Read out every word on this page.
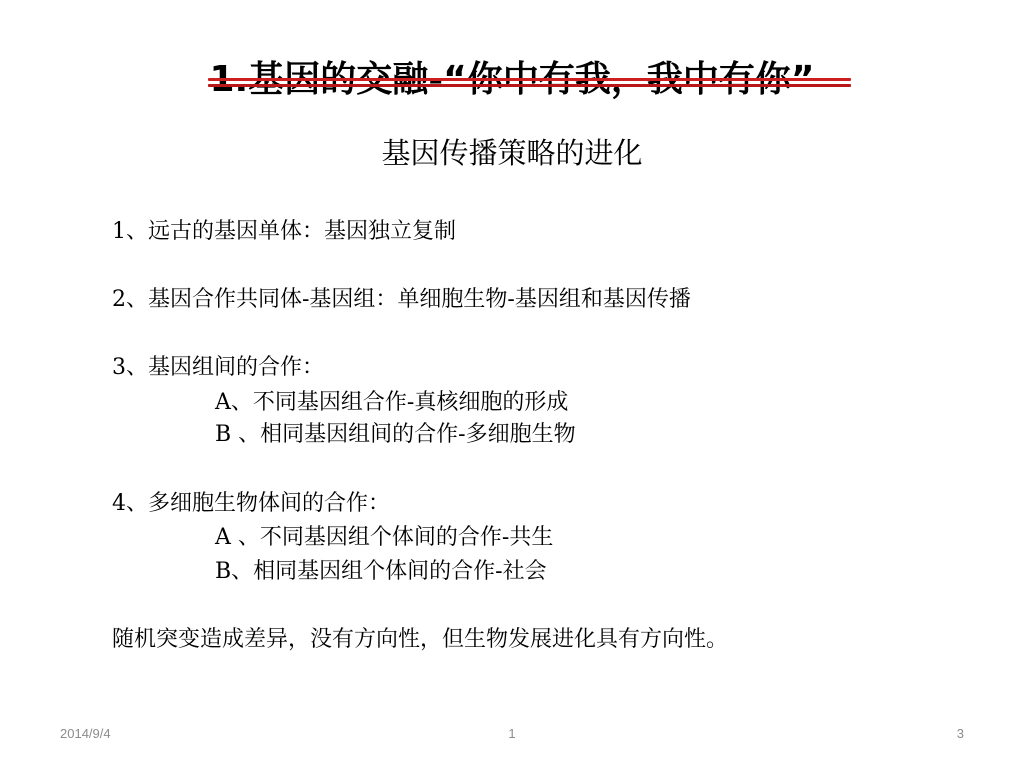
基因传播策略的进化
1、远古的基因单体：基因独立复制
2、基因合作共同体-基因组：单细胞生物-基因组和基因传播
3、基因组间的合作：
A、不同基因组合作-真核细胞的形成
B 、相同基因组间的合作-多细胞生物
4、多细胞生物体间的合作：
A 、不同基因组个体间的合作-共生
B、相同基因组个体间的合作-社会
随机突变造成差异，没有方向性，但生物发展进化具有方向性。
2014/9/4	1	3
